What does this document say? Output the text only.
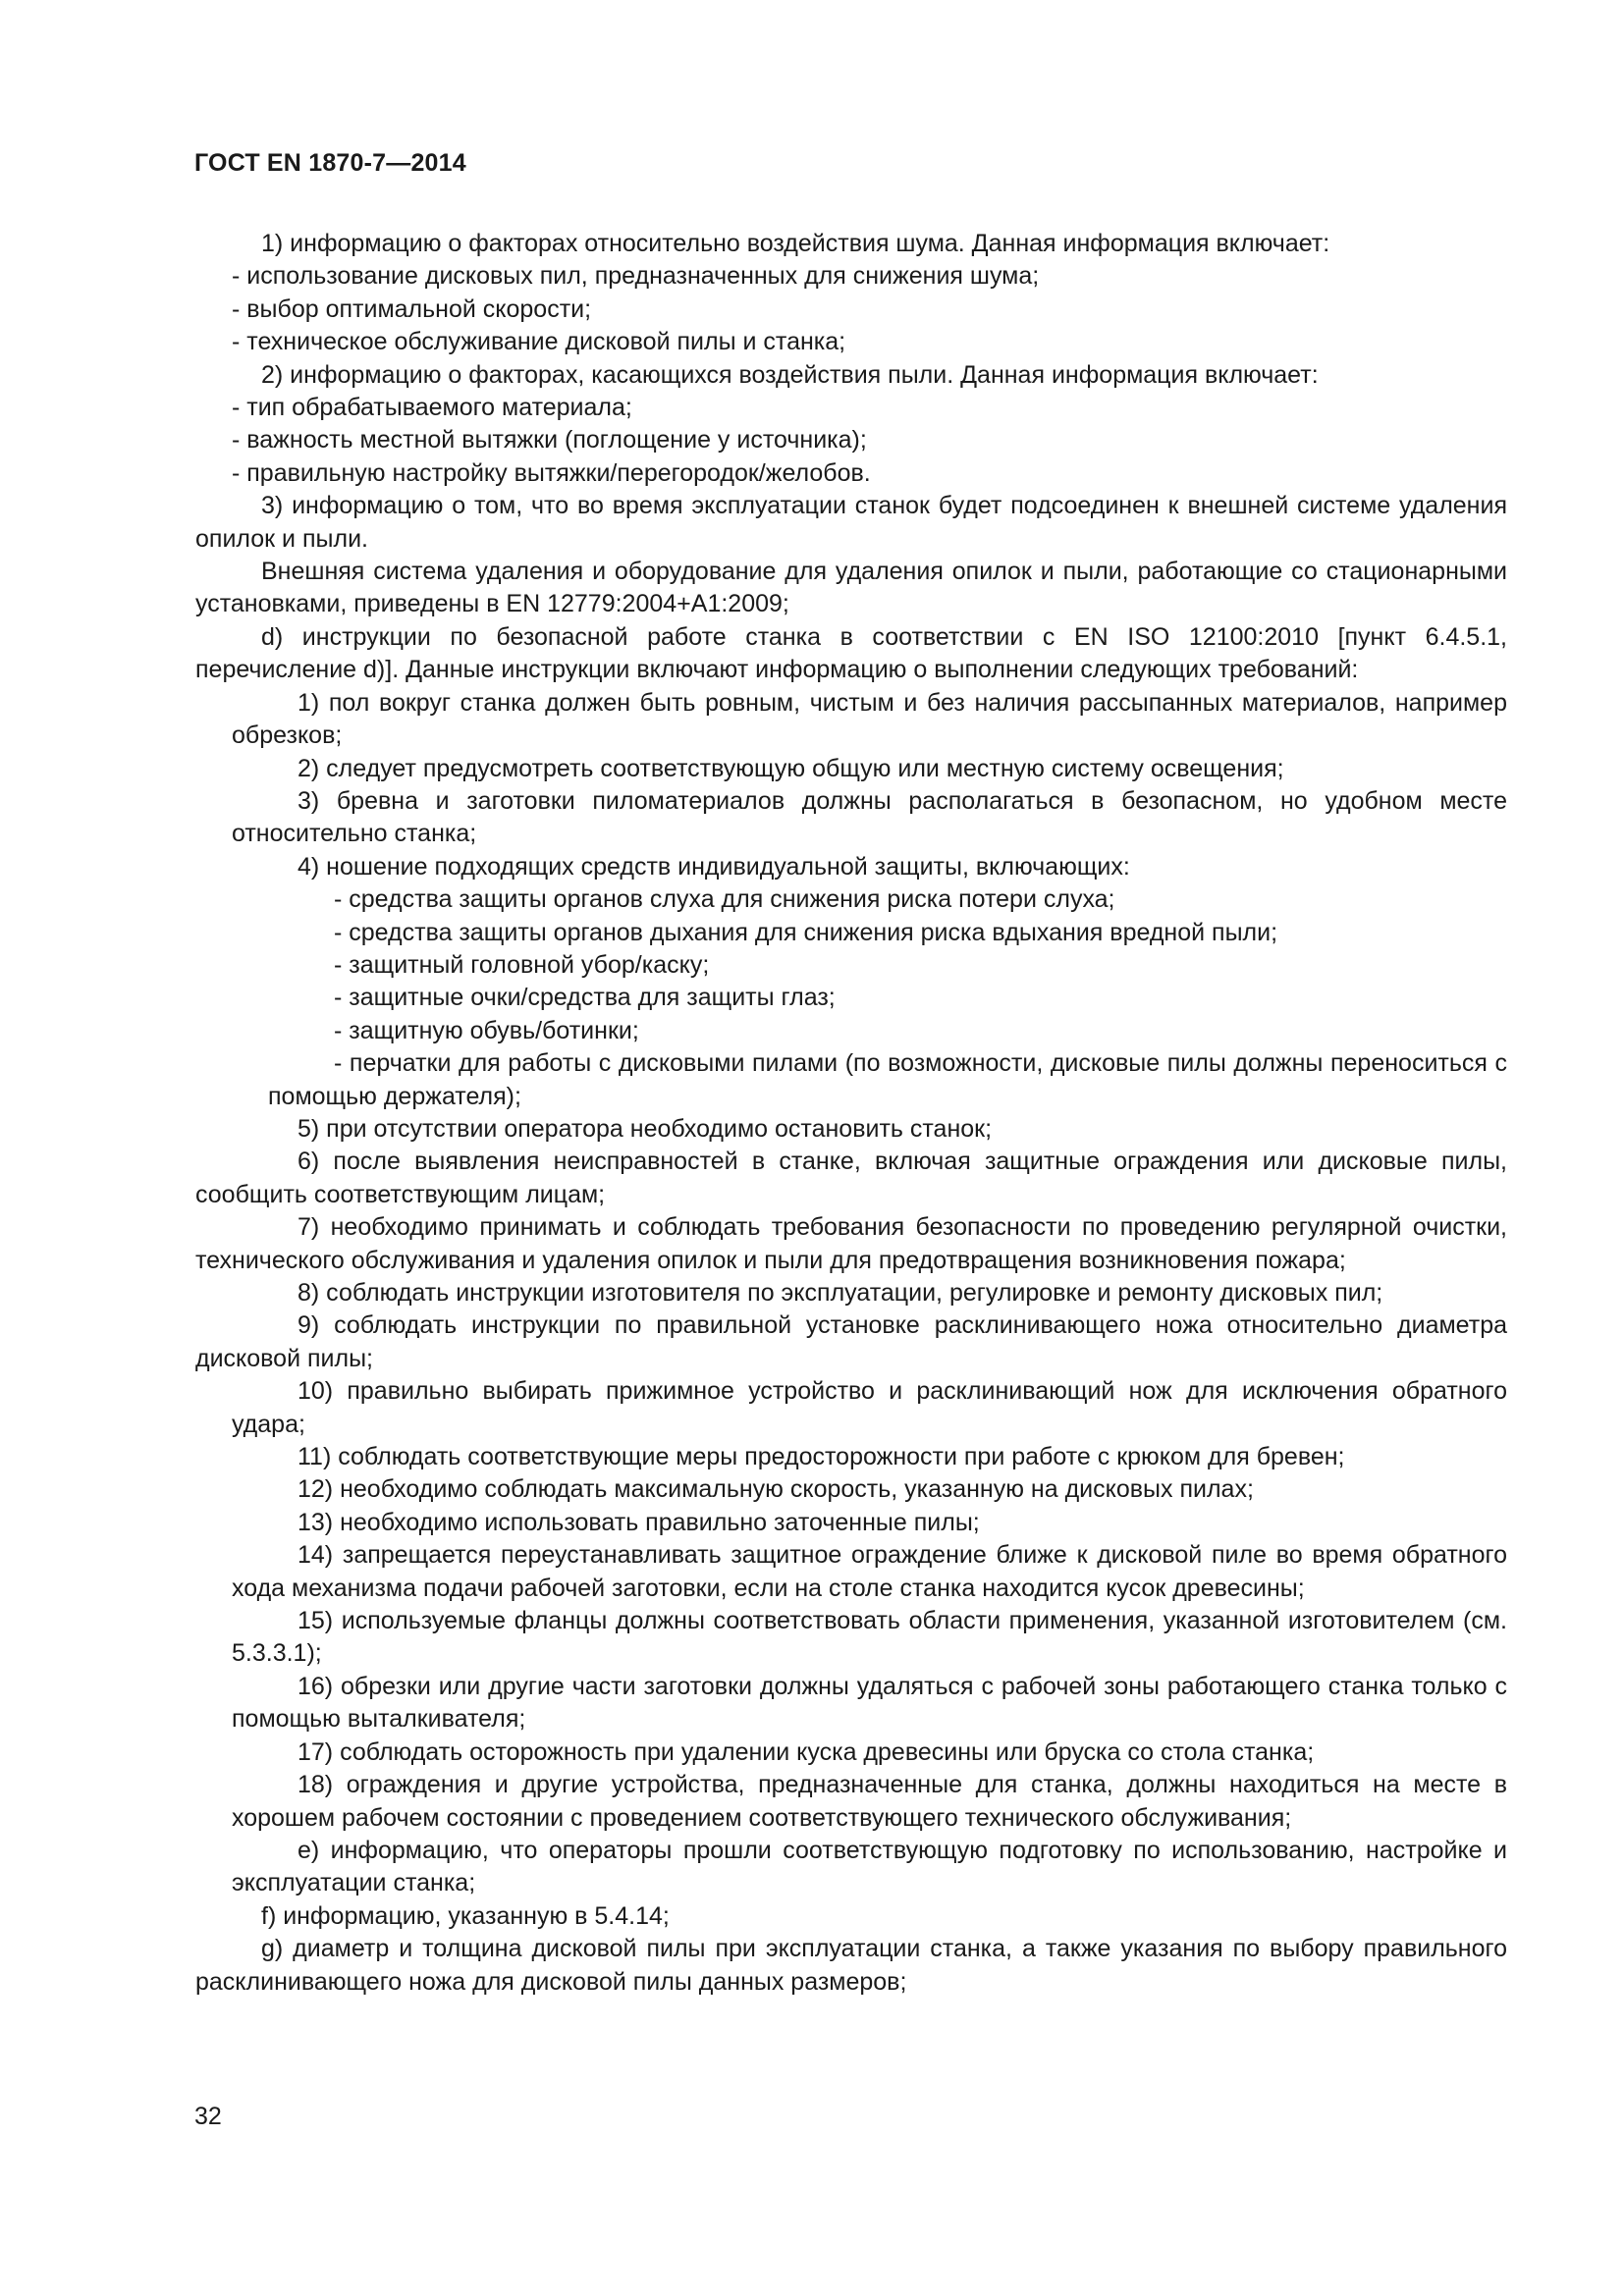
ГОСТ EN 1870-7—2014

1) информацию о факторах относительно воздействия шума. Данная информация включает:

- использование дисковых пил, предназначенных для снижения шума;

- выбор оптимальной скорости;

- техническое обслуживание дисковой пилы и станка;

2) информацию о факторах, касающихся воздействия пыли. Данная информация включает:

- тип обрабатываемого материала;

- важность местной вытяжки (поглощение у источника);

- правильную настройку вытяжки/перегородок/желобов.

3) информацию о том, что во время эксплуатации станок будет подсоединен к внешней системе удаления опилок и пыли.

Внешняя система удаления и оборудование для удаления опилок и пыли, работающие со стационарными установками, приведены в EN 12779:2004+A1:2009;

d) инструкции по безопасной работе станка в соответствии с EN ISO 12100:2010 [пункт 6.4.5.1, перечисление d)]. Данные инструкции включают информацию о выполнении следующих требований:

1) пол вокруг станка должен быть ровным, чистым и без наличия рассыпанных материалов, например обрезков;

2) следует предусмотреть соответствующую общую или местную систему освещения;

3) бревна и заготовки пиломатериалов должны располагаться в безопасном, но удобном месте относительно станка;

4) ношение подходящих средств индивидуальной защиты, включающих:

- средства защиты органов слуха для снижения риска потери слуха;

- средства защиты органов дыхания для снижения риска вдыхания вредной пыли;

- защитный головной убор/каску;

- защитные очки/средства для защиты глаз;

- защитную обувь/ботинки;

- перчатки для работы с дисковыми пилами (по возможности, дисковые пилы должны переноситься с помощью держателя);

5) при отсутствии оператора необходимо остановить станок;

6) после выявления неисправностей в станке, включая защитные ограждения или дисковые пилы, сообщить соответствующим лицам;

7) необходимо принимать и соблюдать требования безопасности по проведению регулярной очистки, технического обслуживания и удаления опилок и пыли для предотвращения возникновения пожара;

8) соблюдать инструкции изготовителя по эксплуатации, регулировке и ремонту дисковых пил;

9) соблюдать инструкции по правильной установке расклинивающего ножа относительно диаметра дисковой пилы;

10) правильно выбирать прижимное устройство и расклинивающий нож для исключения обратного удара;

11) соблюдать соответствующие меры предосторожности при работе с крюком для бревен;

12) необходимо соблюдать максимальную скорость, указанную на дисковых пилах;

13) необходимо использовать правильно заточенные пилы;

14) запрещается переустанавливать защитное ограждение ближе к дисковой пиле во время обратного хода механизма подачи рабочей заготовки, если на столе станка находится кусок древесины;

15) используемые фланцы должны соответствовать области применения, указанной изготовителем (см. 5.3.3.1);

16) обрезки или другие части заготовки должны удаляться с рабочей зоны работающего станка только с помощью выталкивателя;

17) соблюдать осторожность при удалении куска древесины или бруска со стола станка;

18) ограждения и другие устройства, предназначенные для станка, должны находиться на месте в хорошем рабочем состоянии с проведением соответствующего технического обслуживания;

e) информацию, что операторы прошли соответствующую подготовку по использованию, настройке и эксплуатации станка;

f) информацию, указанную в 5.4.14;

g) диаметр и толщина дисковой пилы при эксплуатации станка, а также указания по выбору правильного расклинивающего ножа для дисковой пилы данных размеров;

32
